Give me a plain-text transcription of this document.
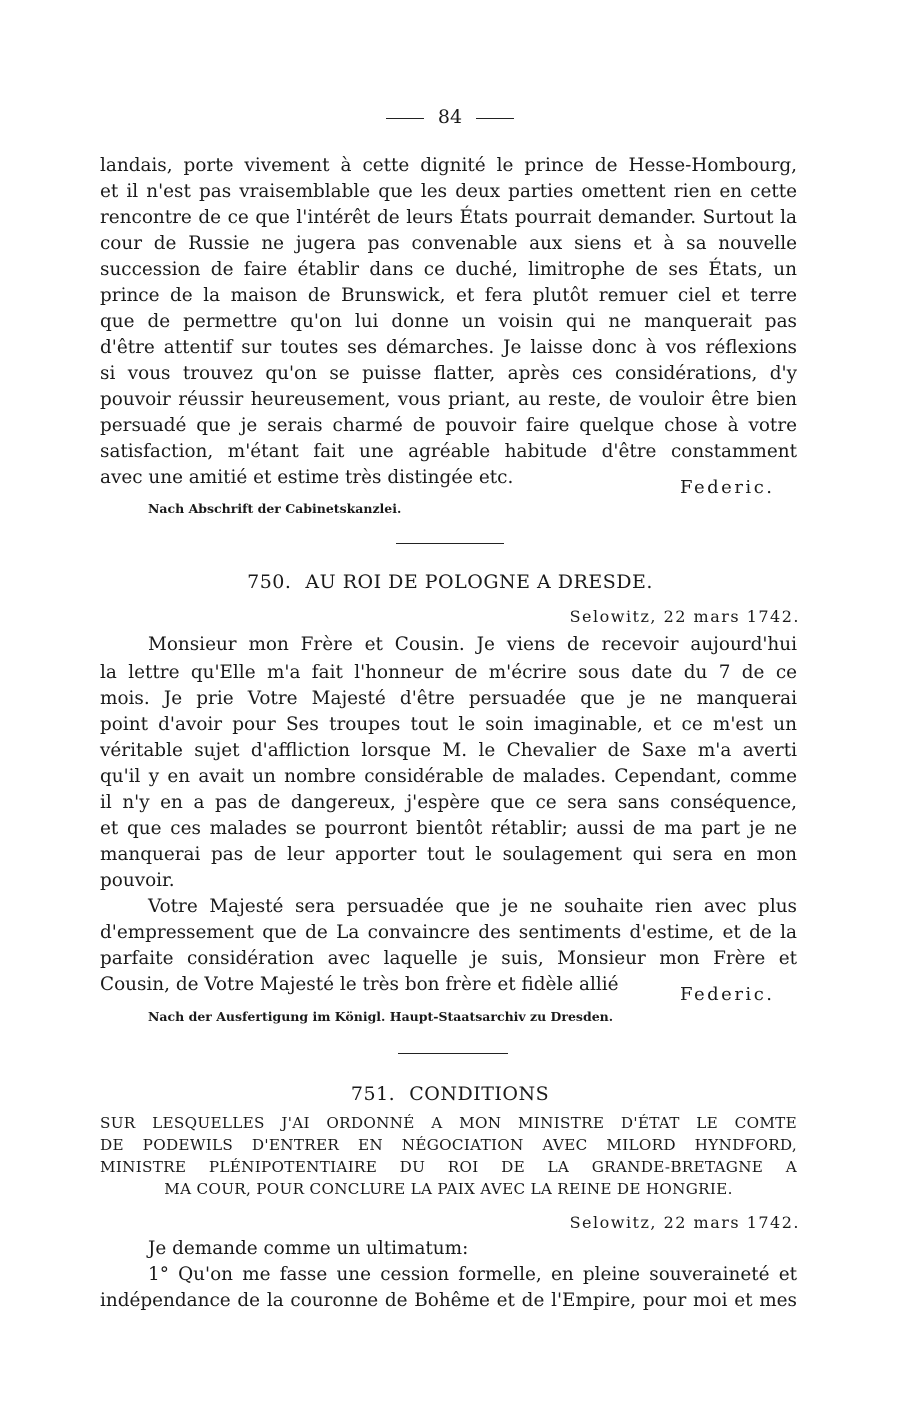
84
landais, porte vivement à cette dignité le prince de Hesse-Hombourg,
et il n'est pas vraisemblable que les deux parties omettent rien en cette
rencontre de ce que l'intérêt de leurs États pourrait demander. Surtout la
cour de Russie ne jugera pas convenable aux siens et à sa nouvelle
succession de faire établir dans ce duché, limitrophe de ses États, un
prince de la maison de Brunswick, et fera plutôt remuer ciel et terre
que de permettre qu'on lui donne un voisin qui ne manquerait pas
d'être attentif sur toutes ses démarches. Je laisse donc à vos réflexions
si vous trouvez qu'on se puisse flatter, après ces considérations, d'y
pouvoir réussir heureusement, vous priant, au reste, de vouloir être bien
persuadé que je serais charmé de pouvoir faire quelque chose à votre
satisfaction, m'étant fait une agréable habitude d'être constamment
avec une amitié et estime très distingée etc.	Federic.
Nach Abschrift der Cabinetskanzlei.
750. AU ROI DE POLOGNE A DRESDE.
Selowitz, 22 mars 1742.
Monsieur mon Frère et Cousin. Je viens de recevoir aujourd'hui
la lettre qu'Elle m'a fait l'honneur de m'écrire sous date du 7 de ce
mois. Je prie Votre Majesté d'être persuadée que je ne manquerai
point d'avoir pour Ses troupes tout le soin imaginable, et ce m'est un
véritable sujet d'affliction lorsque M. le Chevalier de Saxe m'a averti
qu'il y en avait un nombre considérable de malades. Cependant, comme
il n'y en a pas de dangereux, j'espère que ce sera sans conséquence,
et que ces malades se pourront bientôt rétablir; aussi de ma part je ne
manquerai pas de leur apporter tout le soulagement qui sera en mon
pouvoir.
Votre Majesté sera persuadée que je ne souhaite rien avec plus
d'empressement que de La convaincre des sentiments d'estime, et de la
parfaite considération avec laquelle je suis, Monsieur mon Frère et
Cousin, de Votre Majesté le très bon frère et fidèle allié	Federic.
Nach der Ausfertigung im Königl. Haupt-Staatsarchiv zu Dresden.
751. CONDITIONS
SUR LESQUELLES J'AI ORDONNÉ A MON MINISTRE D'ÉTAT LE COMTE
DE PODEWILS D'ENTRER EN NÉGOCIATION AVEC MILORD HYNDFORD,
MINISTRE PLÉNIPOTENTIAIRE DU ROI DE LA GRANDE-BRETAGNE A
MA COUR, POUR CONCLURE LA PAIX AVEC LA REINE DE HONGRIE.
Selowitz, 22 mars 1742.
Je demande comme un ultimatum:
1° Qu'on me fasse une cession formelle, en pleine souveraineté et
indépendance de la couronne de Bohême et de l'Empire, pour moi et mes
